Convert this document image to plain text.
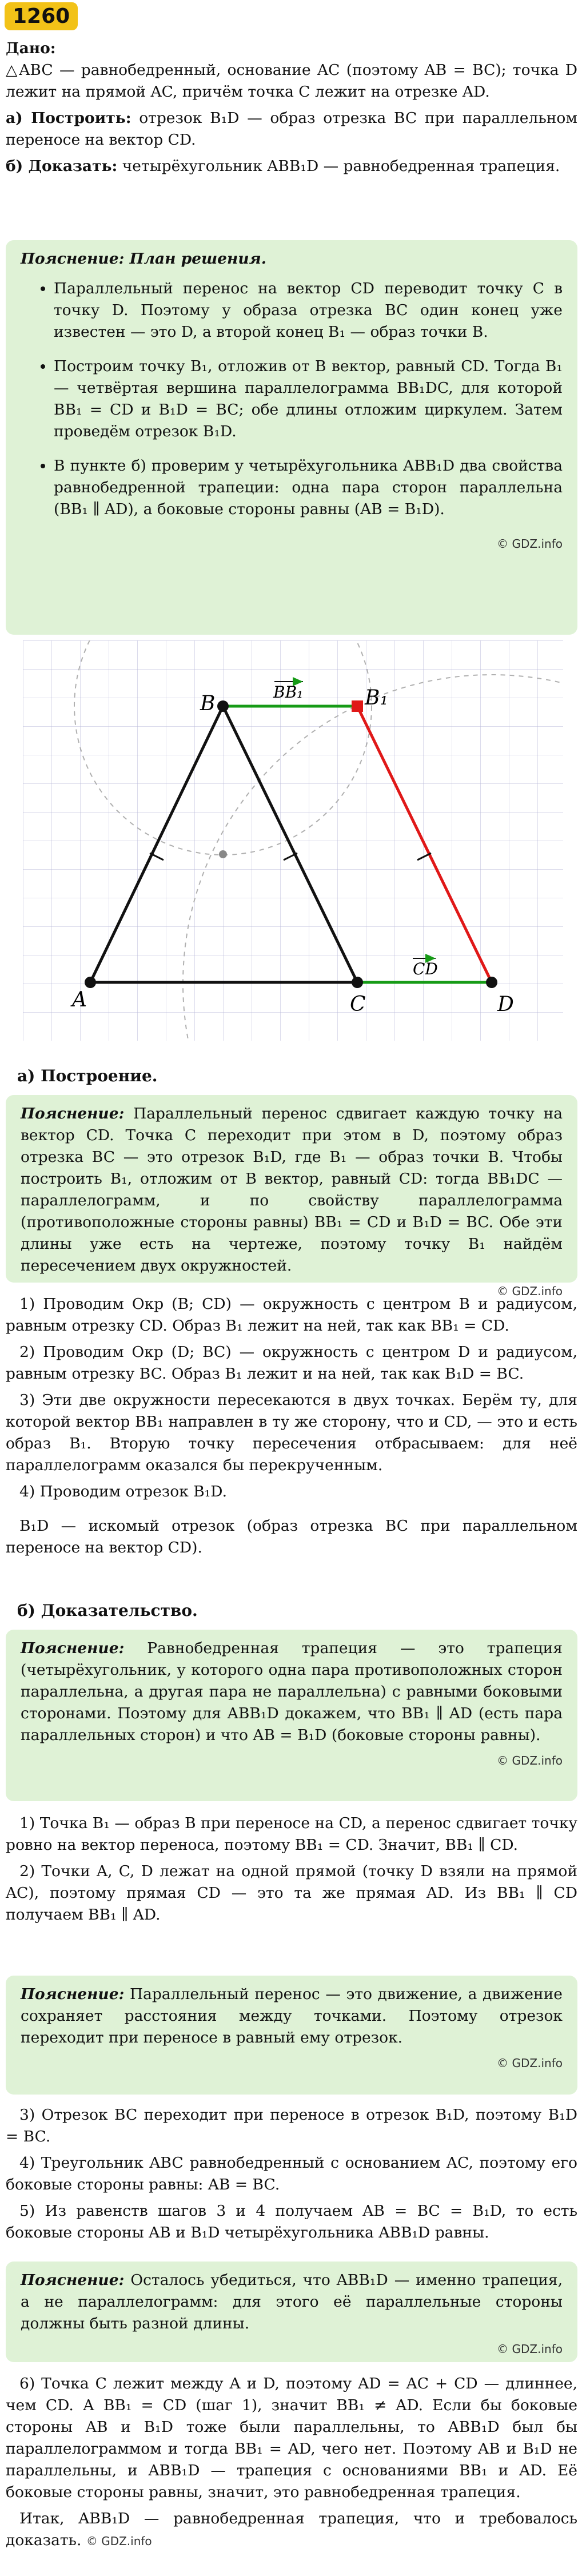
1260

Дано:
△ABC — равнобедренный, основание AC (поэтому AB = BC); точка D лежит на прямой AC, причём точка C лежит на отрезке AD.

а) Построить: отрезок B₁D — образ отрезка BC при параллельном переносе на вектор CD.

б) Доказать: четырёхугольник ABB₁D — равнобедренная трапеция.

Пояснение: План решения.

• Параллельный перенос на вектор CD переводит точку C в точку D. Поэтому у образа отрезка BC один конец уже известен — это D, а второй конец B₁ — образ точки B.
• Построим точку B₁, отложив от B вектор, равный CD. Тогда B₁ — четвёртая вершина параллелограмма BB₁DC, для которой BB₁ = CD и B₁D = BC; обе длины отложим циркулем. Затем проведём отрезок B₁D.
• В пункте б) проверим у четырёхугольника ABB₁D два свойства равнобедренной трапеции: одна пара сторон параллельна (BB₁ ∥ AD), а боковые стороны равны (AB = B₁D).
© GDZ.info
A
B
C	D
B₁
BB₁
CD
а) Построение.

Пояснение: Параллельный перенос сдвигает каждую точку на вектор CD. Точка C переходит при этом в D, поэтому образ отрезка BC — это отрезок B₁D, где B₁ — образ точки B. Чтобы построить B₁, отложим от B вектор, равный CD: тогда BB₁DC — параллелограмм, и по свойству параллелограмма (противоположные стороны равны) BB₁ = CD и B₁D = BC. Обе эти длины уже есть на чертеже, поэтому точку B₁ найдём пересечением двух окружностей.

© GDZ.info

1) Проводим Окр (B; CD) — окружность с центром B и радиусом, равным отрезку CD. Образ B₁ лежит на ней, так как BB₁ = CD.

2) Проводим Окр (D; BC) — окружность с центром D и радиусом, равным отрезку BC. Образ B₁ лежит и на ней, так как B₁D = BC.

3) Эти две окружности пересекаются в двух точках. Берём ту, для которой вектор BB₁ направлен в ту же сторону, что и CD, — это и есть образ B₁. Вторую точку пересечения отбрасываем: для неё параллелограмм оказался бы перекрученным.

4) Проводим отрезок B₁D.

B₁D — искомый отрезок (образ отрезка BC при параллельном переносе на вектор CD).

б) Доказательство.

Пояснение: Равнобедренная трапеция — это трапеция (четырёхугольник, у которого одна пара противоположных сторон параллельна, а другая пара не параллельна) с равными боковыми сторонами. Поэтому для ABB₁D докажем, что BB₁ ∥ AD (есть пара параллельных сторон) и что AB = B₁D (боковые стороны равны).

© GDZ.info

1) Точка B₁ — образ B при переносе на CD, а перенос сдвигает точку ровно на вектор переноса, поэтому BB₁ = CD. Значит, BB₁ ∥ CD.

2) Точки A, C, D лежат на одной прямой (точку D взяли на прямой AC), поэтому прямая CD — это та же прямая AD. Из BB₁ ∥ CD получаем BB₁ ∥ AD.

Пояснение: Параллельный перенос — это движение, а движение сохраняет расстояния между точками. Поэтому отрезок переходит при переносе в равный ему отрезок.

© GDZ.info

3) Отрезок BC переходит при переносе в отрезок B₁D, поэтому B₁D = BC.

4) Треугольник ABC равнобедренный с основанием AC, поэтому его боковые стороны равны: AB = BC.

5) Из равенств шагов 3 и 4 получаем AB = BC = B₁D, то есть боковые стороны AB и B₁D четырёхугольника ABB₁D равны.

Пояснение: Осталось убедиться, что ABB₁D — именно трапеция, а не параллелограмм: для этого её параллельные стороны должны быть разной длины.

© GDZ.info

6) Точка C лежит между A и D, поэтому AD = AC + CD — длиннее, чем CD. А BB₁ = CD (шаг 1), значит BB₁ ≠ AD. Если бы боковые стороны AB и B₁D тоже были параллельны, то ABB₁D был бы параллелограммом и тогда BB₁ = AD, чего нет. Поэтому AB и B₁D не параллельны, и ABB₁D — трапеция с основаниями BB₁ и AD. Её боковые стороны равны, значит, это равнобедренная трапеция.

Итак, ABB₁D — равнобедренная трапеция, что и требовалось доказать. © GDZ.info
